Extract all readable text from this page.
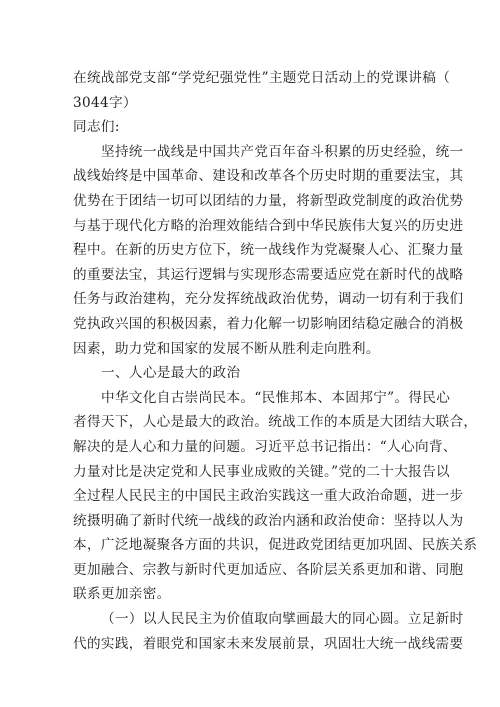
在统战部党支部“学党纪强党性”主题党日活动上的党课讲稿（
3044字）
同志们:
坚持统一战线是中国共产党百年奋斗积累的历史经验，统一
战线始终是中国革命、建设和改革各个历史时期的重要法宝，其
优势在于团结一切可以团结的力量，将新型政党制度的政治优势
与基于现代化方略的治理效能结合到中华民族伟大复兴的历史进
程中。在新的历史方位下，统一战线作为党凝聚人心、汇聚力量
的重要法宝，其运行逻辑与实现形态需要适应党在新时代的战略
任务与政治建构，充分发挥统战政治优势，调动一切有利于我们
党执政兴国的积极因素，着力化解一切影响团结稳定融合的消极
因素，助力党和国家的发展不断从胜利走向胜利。
一、人心是最大的政治
中华文化自古崇尚民本。“民惟邦本、本固邦宁”。得民心
者得天下，人心是最大的政治。统战工作的本质是大团结大联合，
解决的是人心和力量的问题。习近平总书记指出：“人心向背、
力量对比是决定党和人民事业成败的关键。”党的二十大报告以
全过程人民民主的中国民主政治实践这一重大政治命题，进一步
统摄明确了新时代统一战线的政治内涵和政治使命：坚持以人为
本，广泛地凝聚各方面的共识，促进政党团结更加巩固、民族关系
更加融合、宗教与新时代更加适应、各阶层关系更加和谐、同胞
联系更加亲密。
（一）以人民民主为价值取向擘画最大的同心圆。立足新时
代的实践，着眼党和国家未来发展前景，巩固壮大统一战线需要
